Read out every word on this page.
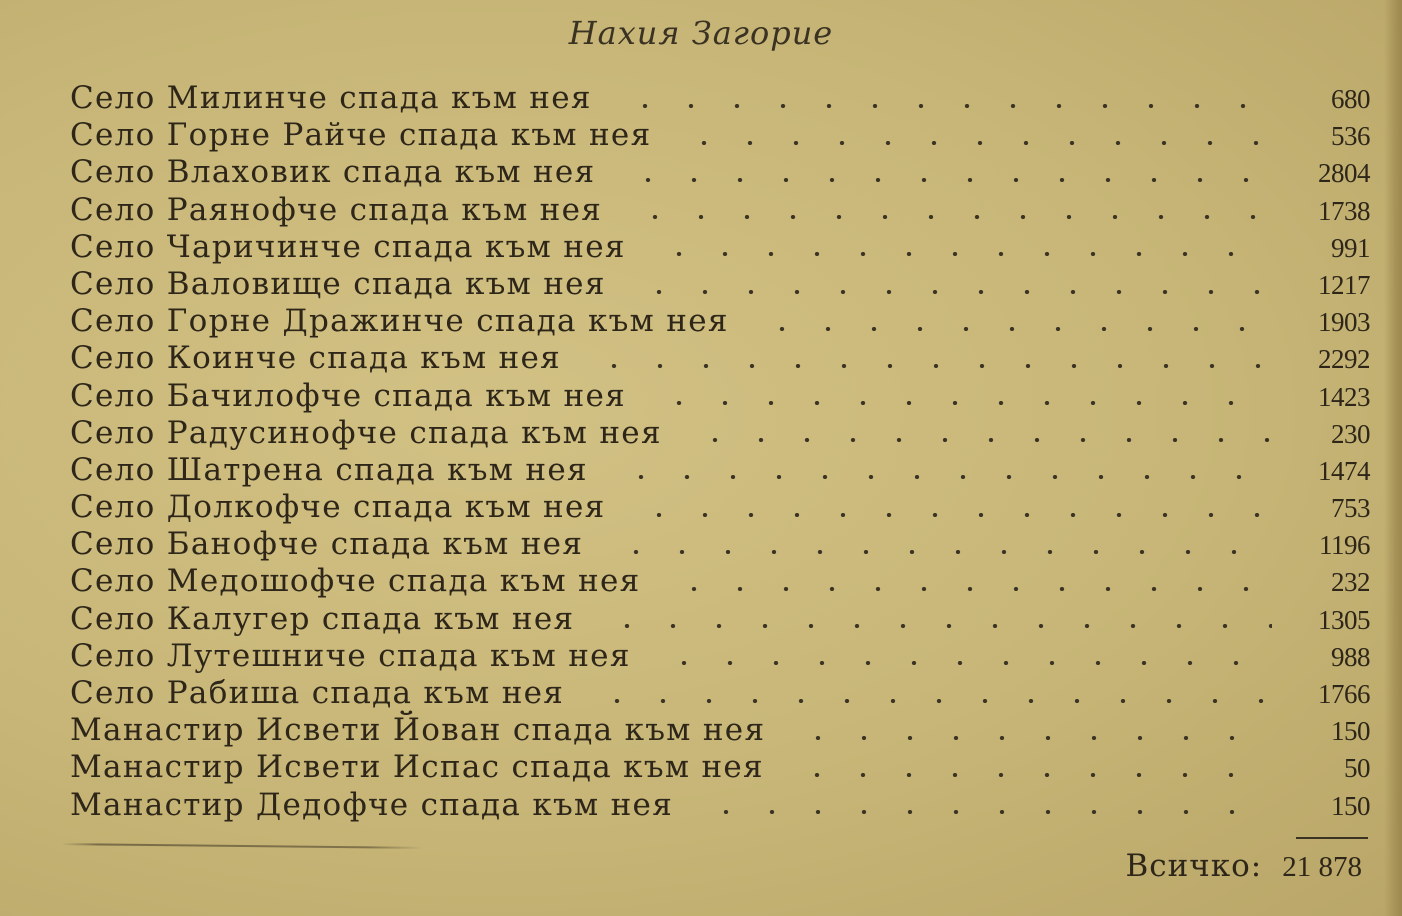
Нахия Загорие
Село Милинче спада към нея	680
Село Горне Райче спада към нея	536
Село Влаховик спада към нея	2804
Село Раянофче спада към нея	1738
Село Чаричинче спада към нея	991
Село Валовище спада към нея	1217
Село Горне Дражинче спада към нея	1903
Село Коинче спада към нея	2292
Село Бачилофче спада към нея	1423
Село Радусинофче спада към нея	230
Село Шатрена спада към нея	1474
Село Долкофче спада към нея	753
Село Банофче спада към нея	1196
Село Медошофче спада към нея	232
Село Калугер спада към нея	1305
Село Лутешниче спада към нея	988
Село Рабиша спада към нея	1766
Манастир Исвети Йован спада към нея	150
Манастир Исвети Испас спада към нея	50
Манастир Дедофче спада към нея	150
Всичко: 21 878
